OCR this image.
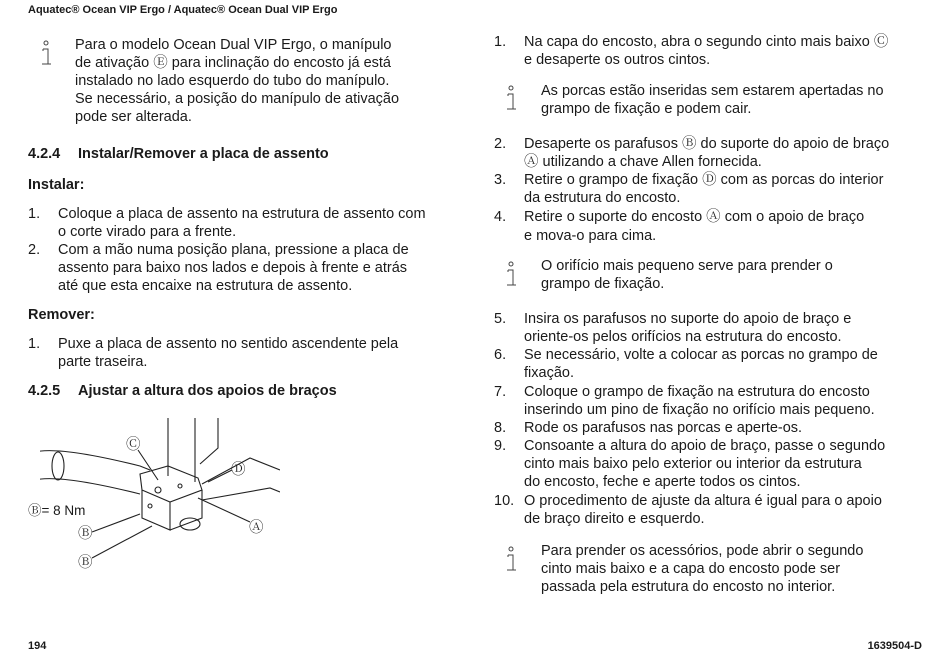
Aquatec® Ocean VIP Ergo / Aquatec® Ocean Dual VIP Ergo
Para o modelo Ocean Dual VIP Ergo, o manípulo
de ativação Ⓔ para inclinação do encosto já está
instalado no lado esquerdo do tubo do manípulo.
Se necessário, a posição do manípulo de ativação
pode ser alterada.
4.2.4 Instalar/Remover a placa de assento
Instalar:
1. Coloque a placa de assento na estrutura de assento com
o corte virado para a frente.
2. Com a mão numa posição plana, pressione a placa de
assento para baixo nos lados e depois à frente e atrás
até que esta encaixe na estrutura de assento.
Remover:
1. Puxe a placa de assento no sentido ascendente pela
parte traseira.
4.2.5 Ajustar a altura dos apoios de braços
Ⓒ
Ⓓ
Ⓐ
Ⓑ
Ⓑ
Ⓑ= 8 Nm
1. Na capa do encosto, abra o segundo cinto mais baixo Ⓒ
e desaperte os outros cintos.
As porcas estão inseridas sem estarem apertadas no
grampo de fixação e podem cair.
2. Desaperte os parafusos Ⓑ do suporte do apoio de braço
Ⓐ utilizando a chave Allen fornecida.
3. Retire o grampo de fixação Ⓓ com as porcas do interior
da estrutura do encosto.
4. Retire o suporte do encosto Ⓐ com o apoio de braço
e mova-o para cima.
O orifício mais pequeno serve para prender o
grampo de fixação.
5. Insira os parafusos no suporte do apoio de braço e
oriente-os pelos orifícios na estrutura do encosto.
6. Se necessário, volte a colocar as porcas no grampo de
fixação.
7. Coloque o grampo de fixação na estrutura do encosto
inserindo um pino de fixação no orifício mais pequeno.
8. Rode os parafusos nas porcas e aperte-os.
9. Consoante a altura do apoio de braço, passe o segundo
cinto mais baixo pelo exterior ou interior da estrutura
do encosto, feche e aperte todos os cintos.
10. O procedimento de ajuste da altura é igual para o apoio
de braço direito e esquerdo.
Para prender os acessórios, pode abrir o segundo
cinto mais baixo e a capa do encosto pode ser
passada pela estrutura do encosto no interior.
194	1639504-D
